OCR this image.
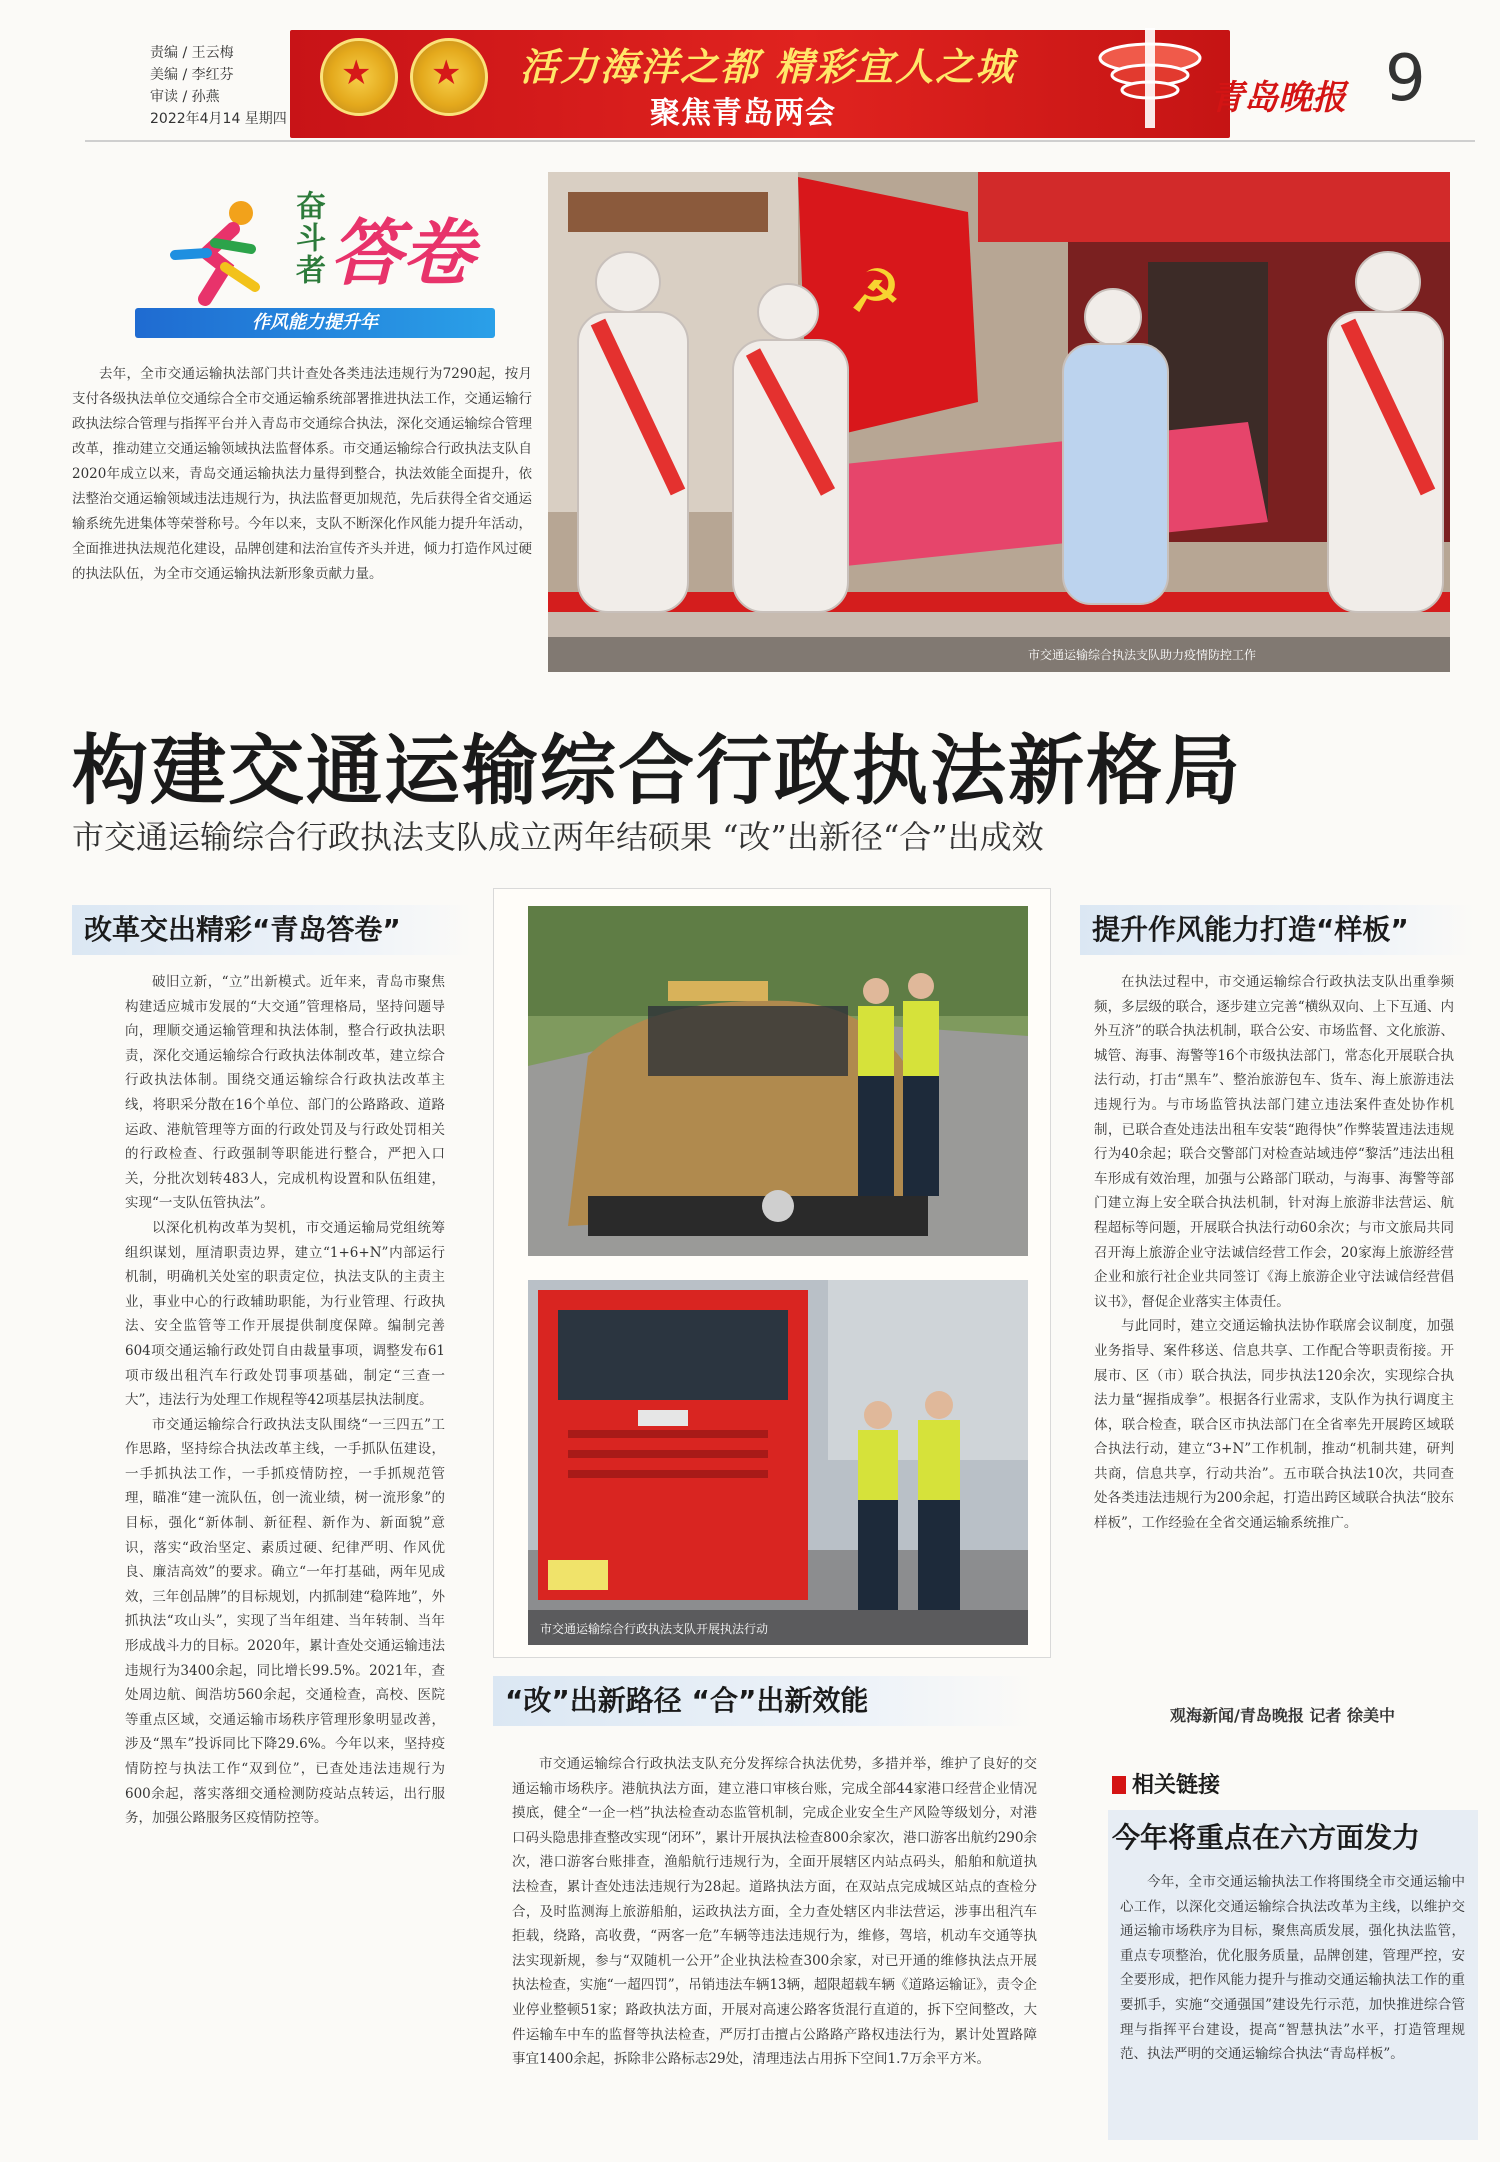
责编 / 王云梅
美编 / 李红芬
审读 / 孙燕
2022年4月14 星期四
★ ★ 活力海洋之都 精彩宜人之城
聚焦青岛两会	青岛晚报 9
奋斗者 答卷
作风能力提升年
去年，全市交通运输执法部门共计查处各类违法违规行为7290起，按月支付各级执法单位交通综合全市交通运输系统部署推进执法工作，交通运输行政执法综合管理与指挥平台并入青岛市交通综合执法，深化交通运输综合管理改革，推动建立交通运输领域执法监督体系。市交通运输综合行政执法支队自2020年成立以来，青岛交通运输执法力量得到整合，执法效能全面提升，依法整治交通运输领域违法违规行为，执法监督更加规范，先后获得全省交通运输系统先进集体等荣誉称号。今年以来，支队不断深化作风能力提升年活动，全面推进执法规范化建设，品牌创建和法治宣传齐头并进，倾力打造作风过硬的执法队伍，为全市交通运输执法新形象贡献力量。
☭
市交通运输综合执法支队助力疫情防控工作
构建交通运输综合行政执法新格局
市交通运输综合行政执法支队成立两年结硕果 “改”出新径“合”出成效
改革交出精彩“青岛答卷”

破旧立新，“立”出新模式。近年来，青岛市聚焦构建适应城市发展的“大交通”管理格局，坚持问题导向，理顺交通运输管理和执法体制，整合行政执法职责，深化交通运输综合行政执法体制改革，建立综合行政执法体制。围绕交通运输综合行政执法改革主线，将职采分散在16个单位、部门的公路路政、道路运政、港航管理等方面的行政处罚及与行政处罚相关的行政检查、行政强制等职能进行整合，严把入口关，分批次划转483人，完成机构设置和队伍组建，实现“一支队伍管执法”。

以深化机构改革为契机，市交通运输局党组统筹组织谋划，厘清职责边界，建立“1+6+N”内部运行机制，明确机关处室的职责定位，执法支队的主责主业，事业中心的行政辅助职能，为行业管理、行政执法、安全监管等工作开展提供制度保障。编制完善604项交通运输行政处罚自由裁量事项，调整发布61项市级出租汽车行政处罚事项基础，制定“三查一大”，违法行为处理工作规程等42项基层执法制度。

市交通运输综合行政执法支队围绕“一三四五”工作思路，坚持综合执法改革主线，一手抓队伍建设，一手抓执法工作，一手抓疫情防控，一手抓规范管理，瞄准“建一流队伍，创一流业绩，树一流形象”的目标，强化“新体制、新征程、新作为、新面貌”意识，落实“政治坚定、素质过硬、纪律严明、作风优良、廉洁高效”的要求。确立“一年打基础，两年见成效，三年创品牌”的目标规划，内抓制建“稳阵地”，外抓执法“攻山头”，实现了当年组建、当年转制、当年形成战斗力的目标。2020年，累计查处交通运输违法违规行为3400余起，同比增长99.5%。2021年，查处周边航、闽浩坊560余起，交通检查，高校、医院等重点区域，交通运输市场秩序管理形象明显改善，涉及“黑车”投诉同比下降29.6%。今年以来，坚持疫情防控与执法工作“双到位”，已查处违法违规行为600余起，落实落细交通检测防疫站点转运，出行服务，加强公路服务区疫情防控等。

市交通运输综合行政执法支队开展执法行动
“改”出新路径 “合”出新效能

市交通运输综合行政执法支队充分发挥综合执法优势，多措并举，维护了良好的交通运输市场秩序。港航执法方面，建立港口审核台账，完成全部44家港口经营企业情况摸底，健全“一企一档”执法检查动态监管机制，完成企业安全生产风险等级划分，对港口码头隐患排查整改实现“闭环”，累计开展执法检查800余家次，港口游客出航约290余次，港口游客台账排查，渔船航行违规行为，全面开展辖区内站点码头，船舶和航道执法检查，累计查处违法违规行为28起。道路执法方面，在双站点完成城区站点的查检分合，及时监测海上旅游船舶，运政执法方面，全力查处辖区内非法营运，涉事出租汽车拒载，绕路，高收费，“两客一危”车辆等违法违规行为，维修，驾培，机动车交通等执法实现新规，参与“双随机一公开”企业执法检查300余家，对已开通的维修执法点开展执法检查，实施“一超四罚”，吊销违法车辆13辆，超限超载车辆《道路运输证》，责令企业停业整顿51家；路政执法方面，开展对高速公路客货混行直道的，拆下空间整改，大件运输车中车的监督等执法检查，严厉打击擅占公路路产路权违法行为，累计处置路障事宜1400余起，拆除非公路标志29处，清理违法占用拆下空间1.7万余平方米。

提升作风能力打造“样板”

在执法过程中，市交通运输综合行政执法支队出重拳频频，多层级的联合，逐步建立完善“横纵双向、上下互通、内外互济”的联合执法机制，联合公安、市场监督、文化旅游、城管、海事、海警等16个市级执法部门，常态化开展联合执法行动，打击“黑车”、整治旅游包车、货车、海上旅游违法违规行为。与市场监管执法部门建立违法案件查处协作机制，已联合查处违法出租车安装“跑得快”作弊装置违法违规行为40余起；联合交警部门对检查站域违停“黎活”违法出租车形成有效治理，加强与公路部门联动，与海事、海警等部门建立海上安全联合执法机制，针对海上旅游非法营运、航程超标等问题，开展联合执法行动60余次；与市文旅局共同召开海上旅游企业守法诚信经营工作会，20家海上旅游经营企业和旅行社企业共同签订《海上旅游企业守法诚信经营倡议书》，督促企业落实主体责任。

与此同时，建立交通运输执法协作联席会议制度，加强业务指导、案件移送、信息共享、工作配合等职责衔接。开展市、区（市）联合执法，同步执法120余次，实现综合执法力量“握指成拳”。根据各行业需求，支队作为执行调度主体，联合检查，联合区市执法部门在全省率先开展跨区域联合执法行动，建立“3+N”工作机制，推动“机制共建，研判共商，信息共享，行动共治”。五市联合执法10次，共同查处各类违法违规行为200余起，打造出跨区域联合执法“胶东样板”，工作经验在全省交通运输系统推广。

观海新闻/青岛晚报 记者 徐美中
相关链接
今年将重点在六方面发力

今年，全市交通运输执法工作将围绕全市交通运输中心工作，以深化交通运输综合执法改革为主线，以维护交通运输市场秩序为目标，聚焦高质发展，强化执法监管，重点专项整治，优化服务质量，品牌创建，管理严控，安全要形成，把作风能力提升与推动交通运输执法工作的重要抓手，实施“交通强国”建设先行示范，加快推进综合管理与指挥平台建设，提高“智慧执法”水平，打造管理规范、执法严明的交通运输综合执法“青岛样板”。
